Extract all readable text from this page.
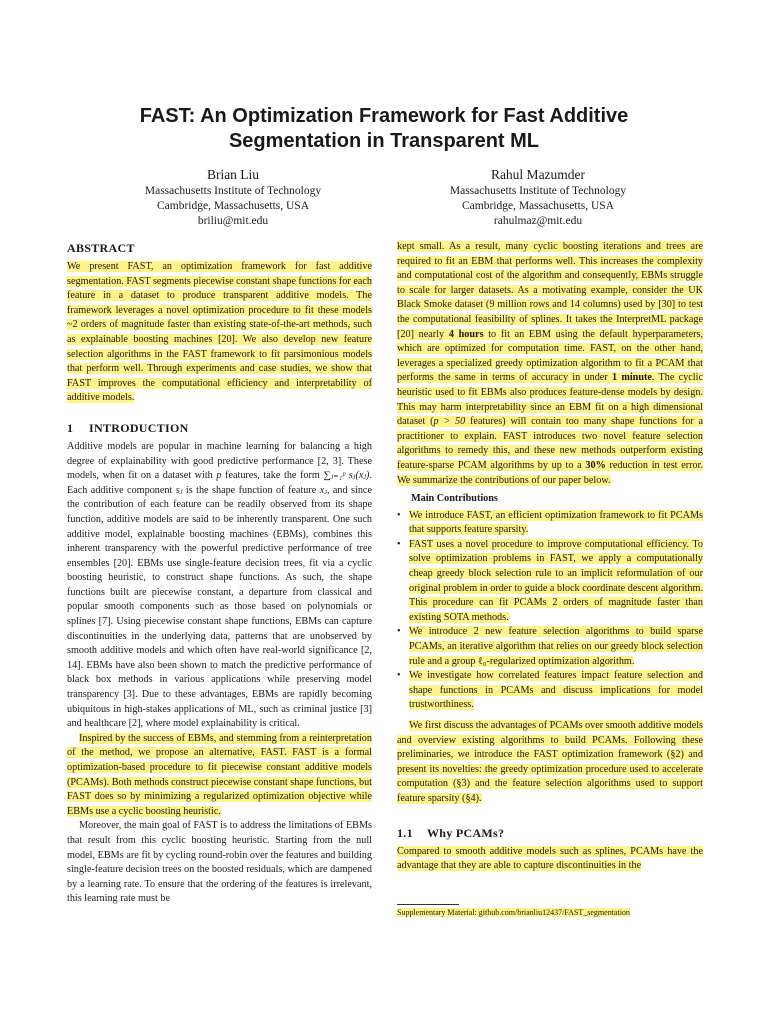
FAST: An Optimization Framework for Fast Additive
Segmentation in Transparent ML
Brian Liu
Massachusetts Institute of Technology
Cambridge, Massachusetts, USA
briliu@mit.edu
Rahul Mazumder
Massachusetts Institute of Technology
Cambridge, Massachusetts, USA
rahulmaz@mit.edu
ABSTRACT

We present FAST, an optimization framework for fast additive segmentation. FAST segments piecewise constant shape functions for each feature in a dataset to produce transparent additive models. The framework leverages a novel optimization procedure to fit these models ~2 orders of magnitude faster than existing state-of-the-art methods, such as explainable boosting machines [20]. We also develop new feature selection algorithms in the FAST framework to fit parsimonious models that perform well. Through experiments and case studies, we show that FAST improves the computational efficiency and interpretability of additive models.

1 INTRODUCTION

Additive models are popular in machine learning for balancing a high degree of explainability with good predictive performance [2, 3]. These models, when fit on a dataset with p features, take the form ∑ⱼ₌₁ᵖ sⱼ(xⱼ). Each additive component sⱼ is the shape function of feature xⱼ, and since the contribution of each feature can be readily observed from its shape function, additive models are said to be inherently transparent. One such additive model, explainable boosting machines (EBMs), combines this inherent transparency with the powerful predictive performance of tree ensembles [20]. EBMs use single-feature decision trees, fit via a cyclic boosting heuristic, to construct shape functions. As such, the shape functions built are piecewise constant, a departure from classical and popular smooth components such as those based on polynomials or splines [7]. Using piecewise constant shape functions, EBMs can capture discontinuities in the underlying data, patterns that are unobserved by smooth additive models and which often have real-world significance [2, 14]. EBMs have also been shown to match the predictive performance of black box methods in various applications while preserving model transparency [3]. Due to these advantages, EBMs are rapidly becoming ubiquitous in high-stakes applications of ML, such as criminal justice [3] and healthcare [2], where model explainability is critical.

Inspired by the success of EBMs, and stemming from a reinterpretation of the method, we propose an alternative, FAST. FAST is a formal optimization-based procedure to fit piecewise constant additive models (PCAMs). Both methods construct piecewise constant shape functions, but FAST does so by minimizing a regularized optimization objective while EBMs use a cyclic boosting heuristic.

Moreover, the main goal of FAST is to address the limitations of EBMs that result from this cyclic boosting heuristic. Starting from the null model, EBMs are fit by cycling round-robin over the features and building single-feature decision trees on the boosted residuals, which are dampened by a learning rate. To ensure that the ordering of the features is irrelevant, this learning rate must be

kept small. As a result, many cyclic boosting iterations and trees are required to fit an EBM that performs well. This increases the complexity and computational cost of the algorithm and consequently, EBMs struggle to scale for larger datasets. As a motivating example, consider the UK Black Smoke dataset (9 million rows and 14 columns) used by [30] to test the computational feasibility of splines. It takes the InterpretML package [20] nearly 4 hours to fit an EBM using the default hyperparameters, which are optimized for computation time. FAST, on the other hand, leverages a specialized greedy optimization algorithm to fit a PCAM that performs the same in terms of accuracy in under 1 minute. The cyclic heuristic used to fit EBMs also produces feature-dense models by design. This may harm interpretability since an EBM fit on a high dimensional dataset (p > 50 features) will contain too many shape functions for a practitioner to explain. FAST introduces two novel feature selection algorithms to remedy this, and these new methods outperform existing feature-sparse PCAM algorithms by up to a 30% reduction in test error. We summarize the contributions of our paper below.

Main Contributions
• We introduce FAST, an efficient optimization framework to fit PCAMs that supports feature sparsity.
• FAST uses a novel procedure to improve computational efficiency. To solve optimization problems in FAST, we apply a computationally cheap greedy block selection rule to an implicit reformulation of our original problem in order to guide a block coordinate descent algorithm. This procedure can fit PCAMs 2 orders of magnitude faster than existing SOTA methods.
• We introduce 2 new feature selection algorithms to build sparse PCAMs, an iterative algorithm that relies on our greedy block selection rule and a group ℓ₀-regularized optimization algorithm.
• We investigate how correlated features impact feature selection and shape functions in PCAMs and discuss implications for model trustworthiness.

We first discuss the advantages of PCAMs over smooth additive models and overview existing algorithms to build PCAMs. Following these preliminaries, we introduce the FAST optimization framework (§2) and present its novelties: the greedy optimization procedure used to accelerate computation (§3) and the feature selection algorithms used to support feature sparsity (§4).

1.1 Why PCAMs?

Compared to smooth additive models such as splines, PCAMs have the advantage that they are able to capture discontinuities in the

Supplementary Material: github.com/brianliu12437/FAST_segmentation
